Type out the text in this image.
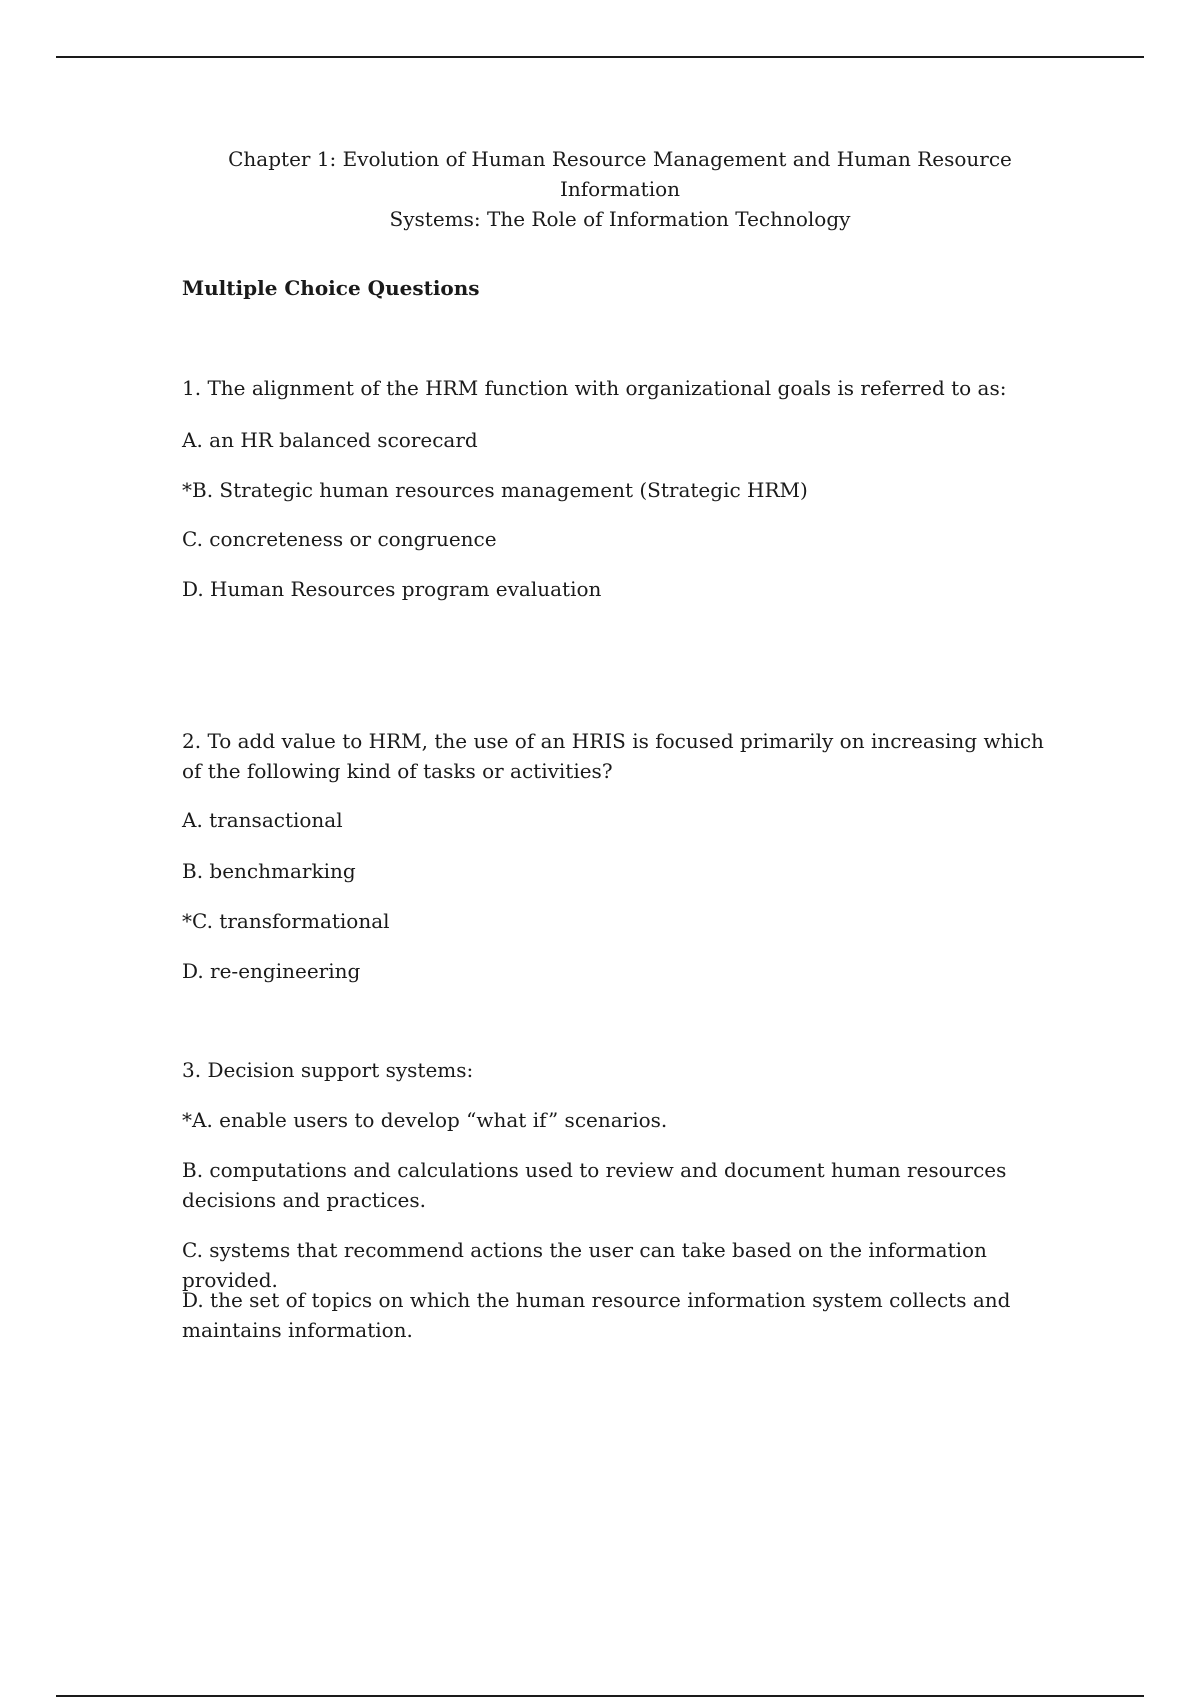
Chapter 1: Evolution of Human Resource Management and Human Resource Information
Systems: The Role of Information Technology
Multiple Choice Questions
1. The alignment of the HRM function with organizational goals is referred to as:
A. an HR balanced scorecard
*B. Strategic human resources management (Strategic HRM)
C. concreteness or congruence
D. Human Resources program evaluation
2. To add value to HRM, the use of an HRIS is focused primarily on increasing which of the following kind of tasks or activities?
A. transactional
B. benchmarking
*C. transformational
D. re-engineering
3. Decision support systems:
*A. enable users to develop “what if” scenarios.
B. computations and calculations used to review and document human resources decisions and practices.
C. systems that recommend actions the user can take based on the information provided.
D. the set of topics on which the human resource information system collects and maintains information.
